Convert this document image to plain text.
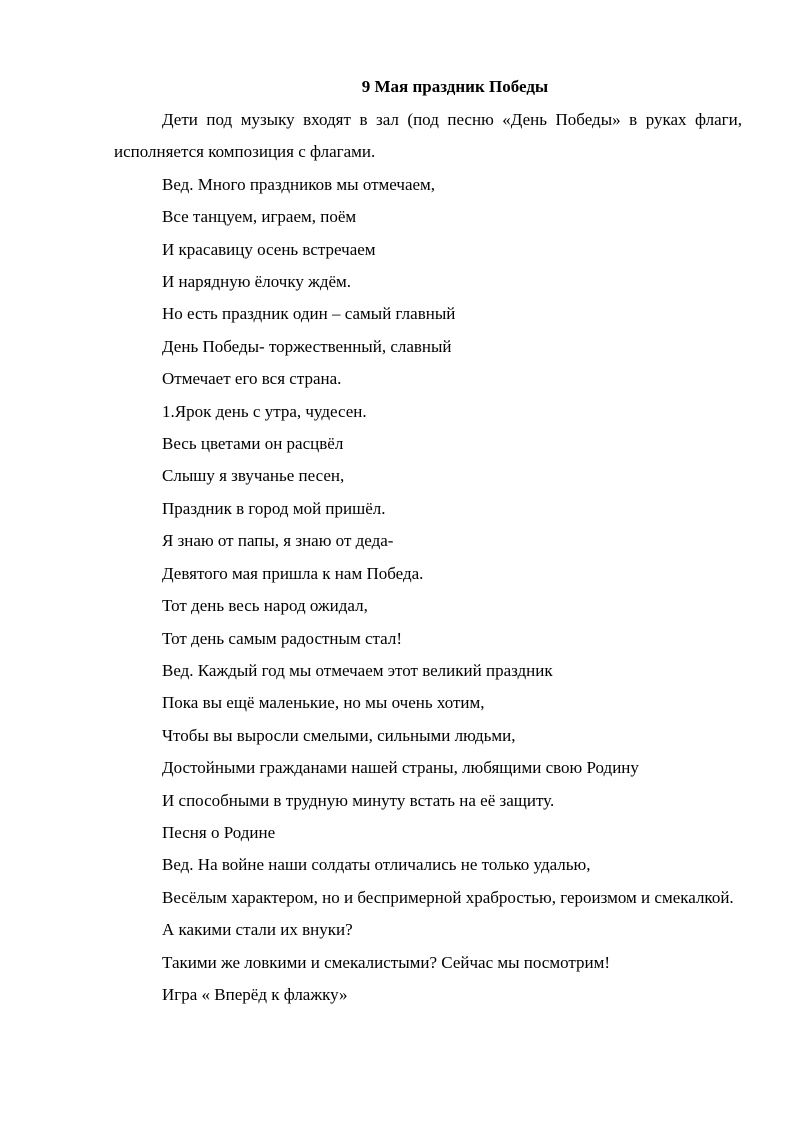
9 Мая праздник Победы

Дети под музыку входят в зал (под песню «День Победы» в руках флаги, исполняется композиция с флагами.

Вед. Много праздников мы отмечаем,

Все танцуем, играем, поём

И красавицу осень встречаем

И нарядную ёлочку ждём.

Но есть праздник один – самый главный

День Победы- торжественный, славный

Отмечает его вся страна.

1.Ярок день с утра, чудесен.

Весь цветами он расцвёл

Слышу я звучанье песен,

Праздник в город мой пришёл.

Я знаю от папы, я знаю от деда-

Девятого мая пришла к нам Победа.

Тот день весь народ ожидал,

Тот день самым радостным стал!

Вед. Каждый год мы отмечаем этот великий праздник

Пока вы ещё маленькие, но мы очень хотим,

Чтобы вы выросли смелыми, сильными людьми,

Достойными гражданами нашей страны, любящими свою Родину

И способными в трудную минуту встать на её защиту.

Песня о Родине

Вед. На войне наши солдаты отличались не только удалью,

Весёлым характером, но и беспримерной храбростью, героизмом и смекалкой.

А какими стали их внуки?

Такими же ловкими и смекалистыми? Сейчас мы посмотрим!

Игра « Вперёд к флажку»
